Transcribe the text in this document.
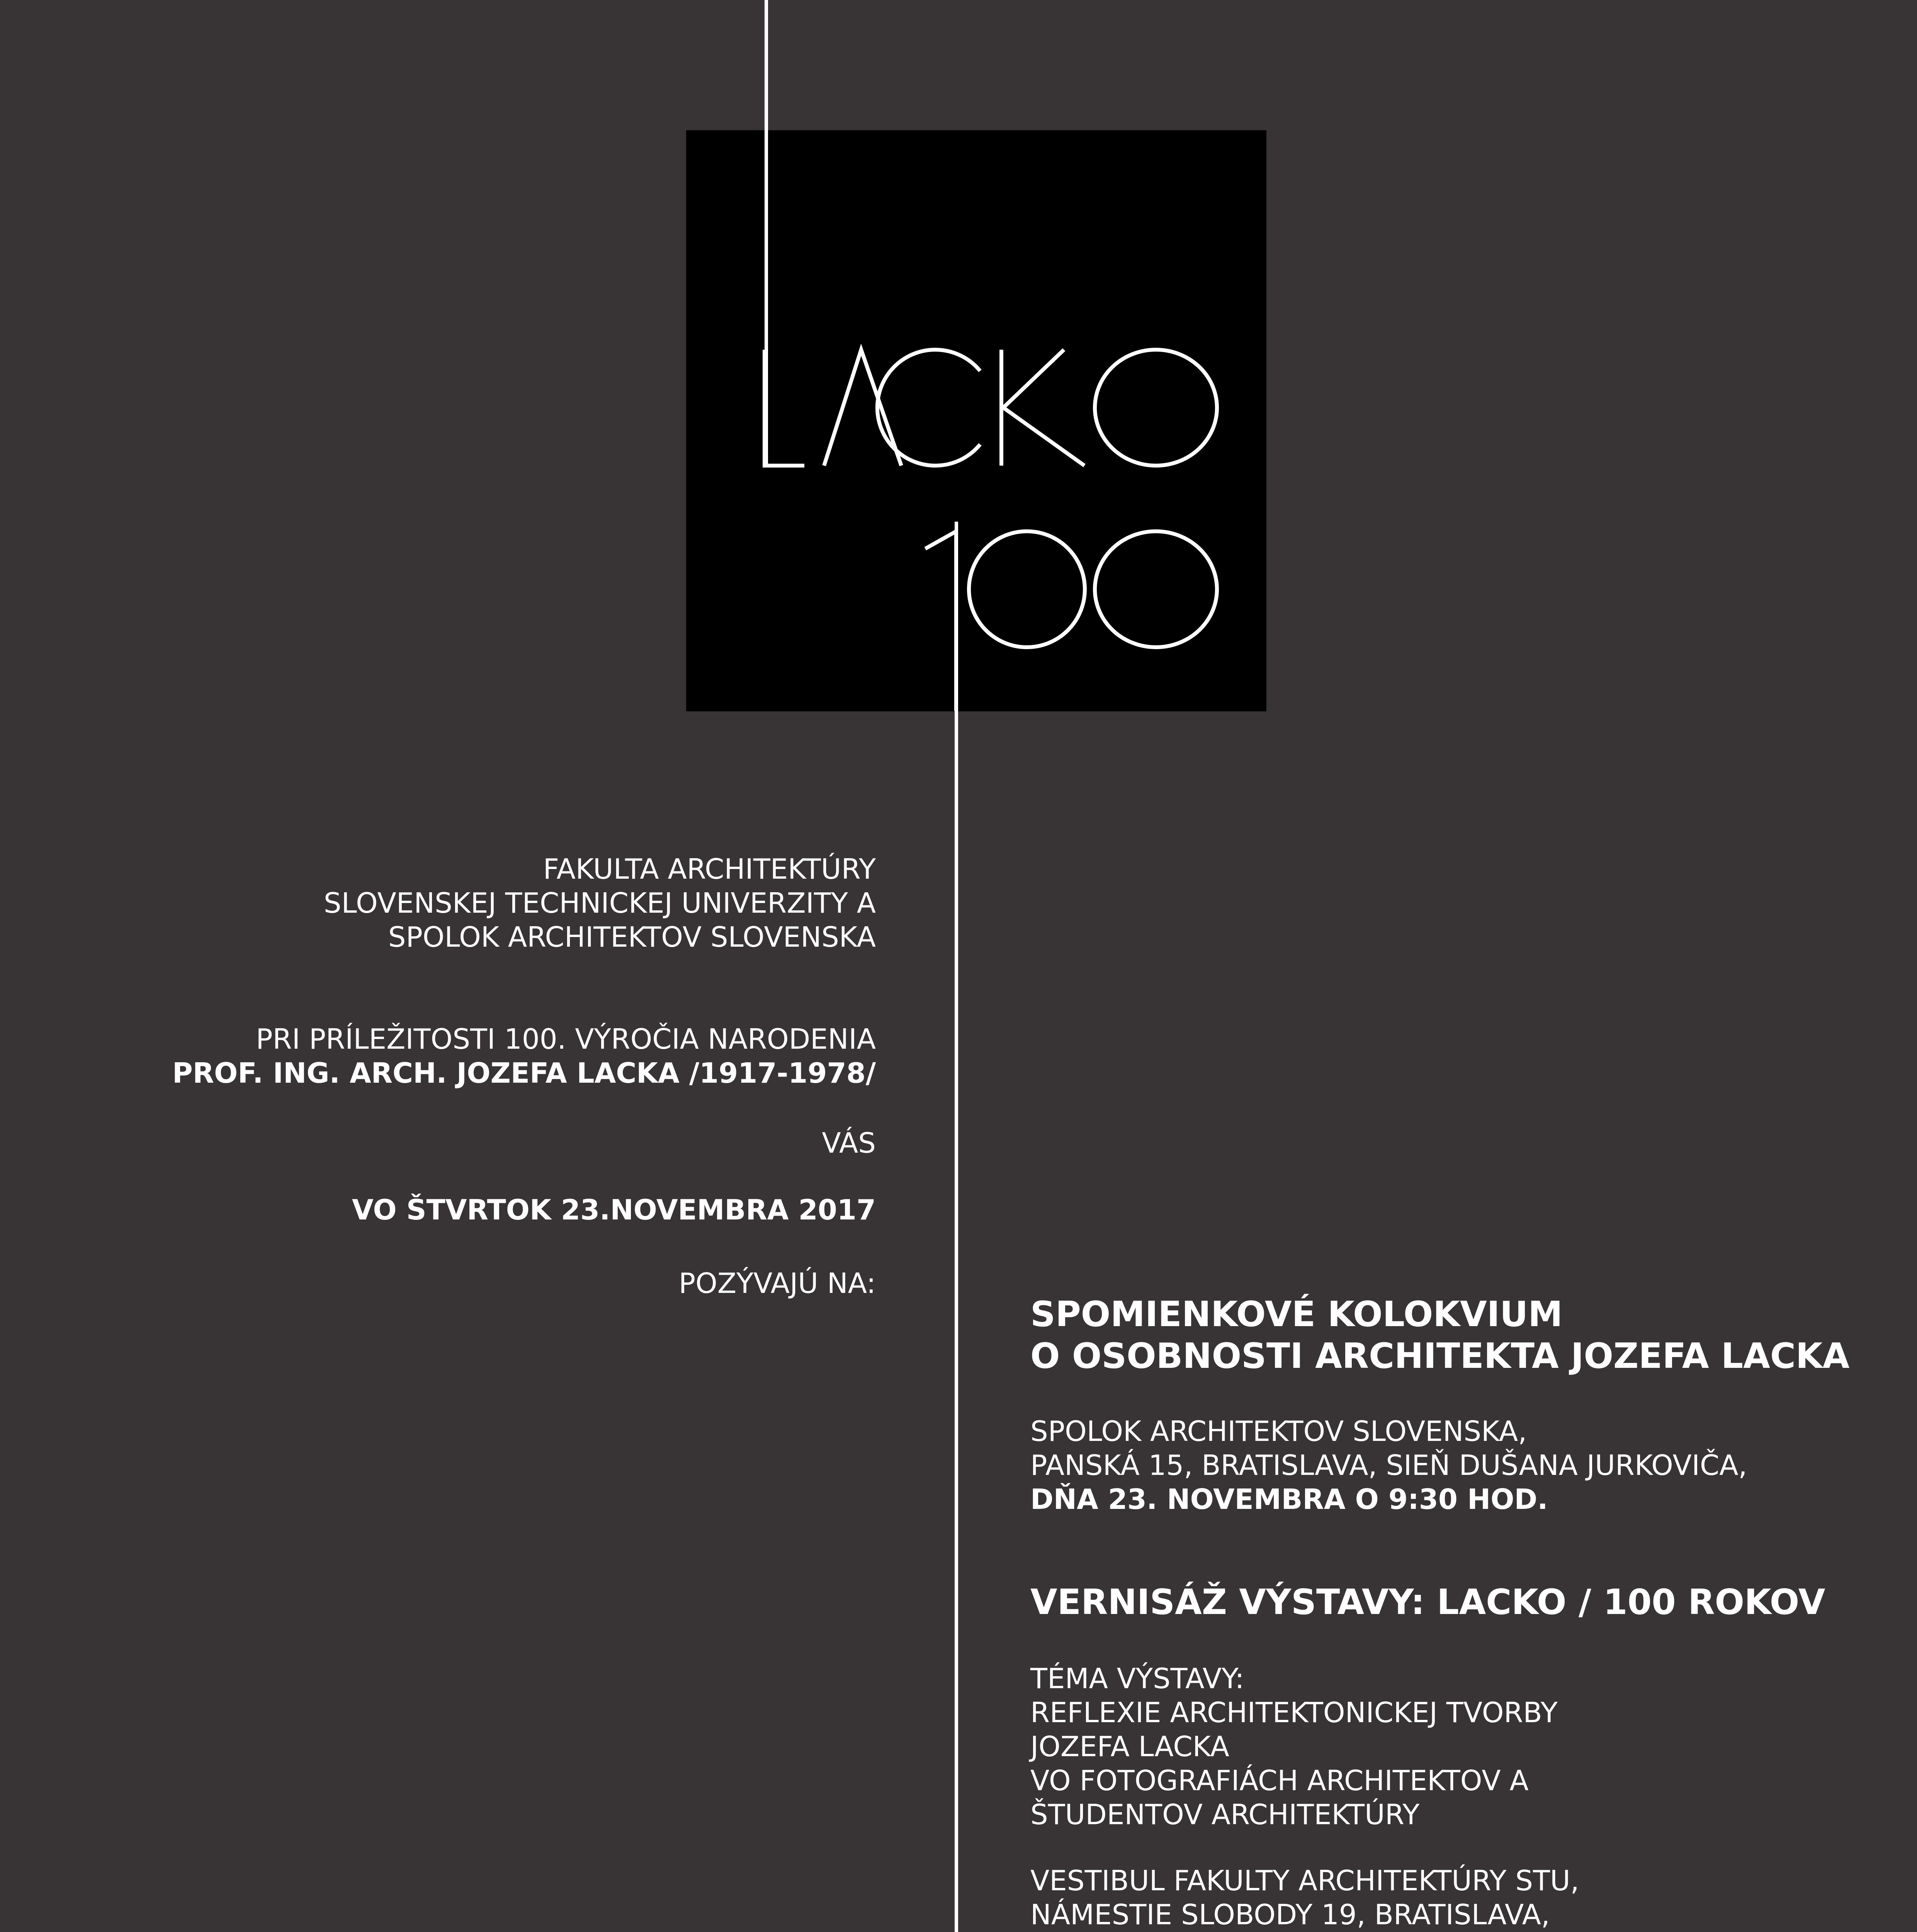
FAKULTA ARCHITEKTÚRY
SLOVENSKEJ TECHNICKEJ UNIVERZITY A
SPOLOK ARCHITEKTOV SLOVENSKA
PRI PRÍLEŽITOSTI 100. VÝROČIA NARODENIA
PROF. ING. ARCH. JOZEFA LACKA /1917-1978/
VÁS
VO ŠTVRTOK 23.NOVEMBRA 2017
POZÝVAJÚ NA:
SPOMIENKOVÉ KOLOKVIUM
O OSOBNOSTI ARCHITEKTA JOZEFA LACKA
SPOLOK ARCHITEKTOV SLOVENSKA,
PANSKÁ 15, BRATISLAVA, SIEŇ DUŠANA JURKOVIČA,
DŇA 23. NOVEMBRA O 9:30 HOD.
VERNISÁŽ VÝSTAVY: LACKO / 100 ROKOV
TÉMA VÝSTAVY:
REFLEXIE ARCHITEKTONICKEJ TVORBY
JOZEFA LACKA
VO FOTOGRAFIÁCH ARCHITEKTOV A
ŠTUDENTOV ARCHITEKTÚRY
VESTIBUL FAKULTY ARCHITEKTÚRY STU,
NÁMESTIE SLOBODY 19, BRATISLAVA,
